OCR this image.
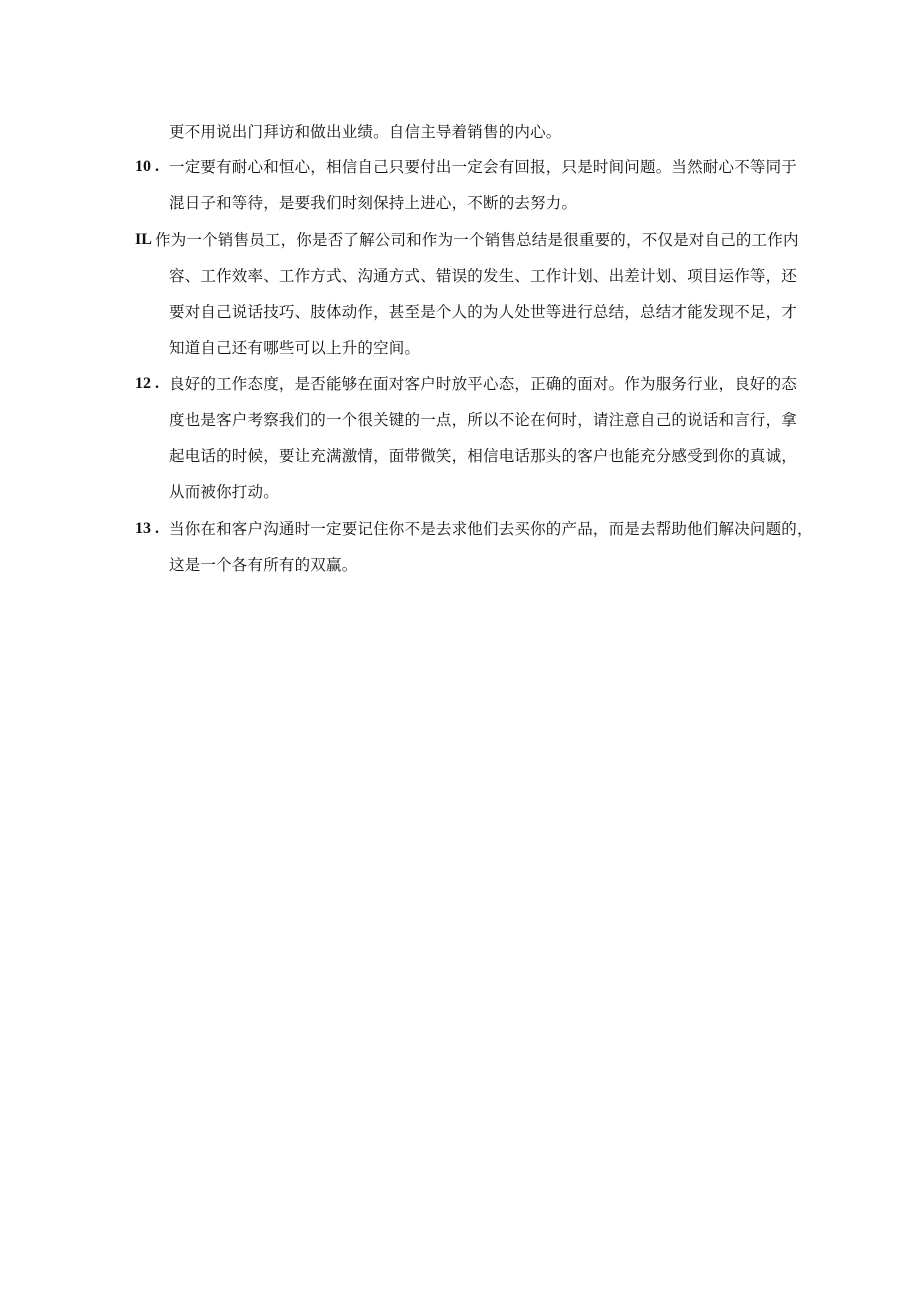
更不用说出门拜访和做出业绩。自信主导着销售的内心。
10 . 一定要有耐心和恒心，相信自己只要付出一定会有回报，只是时间问题。当然耐心不等同于
混日子和等待，是要我们时刻保持上进心，不断的去努力。
IL 作为一个销售员工，你是否了解公司和作为一个销售总结是很重要的，不仅是对自己的工作内
容、工作效率、工作方式、沟通方式、错误的发生、工作计划、出差计划、项目运作等，还
要对自己说话技巧、肢体动作，甚至是个人的为人处世等进行总结，总结才能发现不足，才
知道自己还有哪些可以上升的空间。
12 . 良好的工作态度，是否能够在面对客户时放平心态，正确的面对。作为服务行业，良好的态
度也是客户考察我们的一个很关键的一点，所以不论在何时，请注意自己的说话和言行，拿
起电话的时候，要让充满激情，面带微笑，相信电话那头的客户也能充分感受到你的真诚，
从而被你打动。
13 . 当你在和客户沟通时一定要记住你不是去求他们去买你的产品，而是去帮助他们解决问题的，
这是一个各有所有的双赢。
